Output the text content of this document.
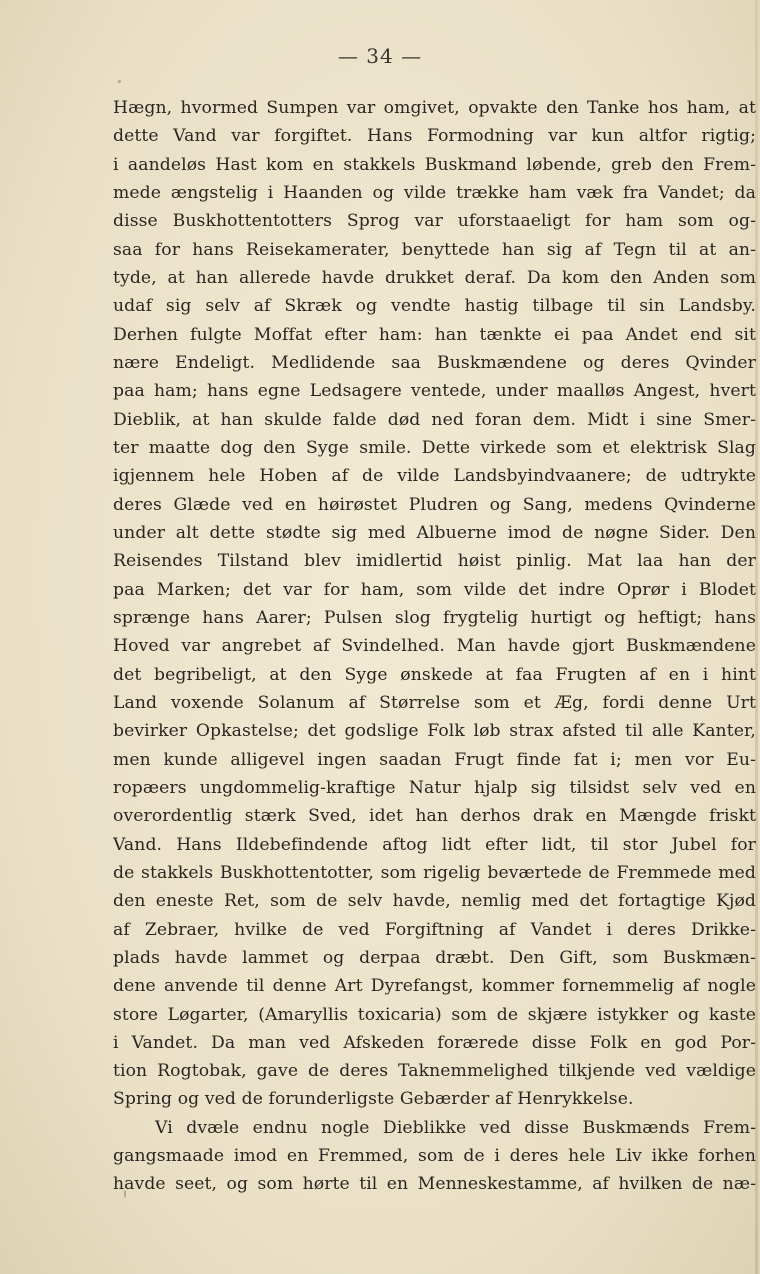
— 34 —
Hægn, hvormed Sumpen var omgivet, opvakte den Tanke hos ham, at
dette Vand var forgiftet. Hans Formodning var kun altfor rigtig;
i aandeløs Hast kom en stakkels Buskmand løbende, greb den Frem-
mede ængstelig i Haanden og vilde trække ham væk fra Vandet; da
disse Buskhottentotters Sprog var uforstaaeligt for ham som og-
saa for hans Reisekamerater, benyttede han sig af Tegn til at an-
tyde, at han allerede havde drukket deraf. Da kom den Anden som
udaf sig selv af Skræk og vendte hastig tilbage til sin Landsby.
Derhen fulgte Moffat efter ham: han tænkte ei paa Andet end sit
nære Endeligt. Medlidende saa Buskmændene og deres Qvinder
paa ham; hans egne Ledsagere ventede, under maalløs Angest, hvert
Dieblik, at han skulde falde død ned foran dem. Midt i sine Smer-
ter maatte dog den Syge smile. Dette virkede som et elektrisk Slag
igjennem hele Hoben af de vilde Landsbyindvaanere; de udtrykte
deres Glæde ved en høirøstet Pludren og Sang, medens Qvinderne
under alt dette stødte sig med Albuerne imod de nøgne Sider. Den
Reisendes Tilstand blev imidlertid høist pinlig. Mat laa han der
paa Marken; det var for ham, som vilde det indre Oprør i Blodet
sprænge hans Aarer; Pulsen slog frygtelig hurtigt og heftigt; hans
Hoved var angrebet af Svindelhed. Man havde gjort Buskmændene
det begribeligt, at den Syge ønskede at faa Frugten af en i hint
Land voxende Solanum af Størrelse som et Æg, fordi denne Urt
bevirker Opkastelse; det godslige Folk løb strax afsted til alle Kanter,
men kunde alligevel ingen saadan Frugt finde fat i; men vor Eu-
ropæers ungdommelig-kraftige Natur hjalp sig tilsidst selv ved en
overordentlig stærk Sved, idet han derhos drak en Mængde friskt
Vand. Hans Ildebefindende aftog lidt efter lidt, til stor Jubel for
de stakkels Buskhottentotter, som rigelig beværtede de Fremmede med
den eneste Ret, som de selv havde, nemlig med det fortagtige Kjød
af Zebraer, hvilke de ved Forgiftning af Vandet i deres Drikke-
plads havde lammet og derpaa dræbt. Den Gift, som Buskmæn-
dene anvende til denne Art Dyrefangst, kommer fornemmelig af nogle
store Løgarter, (Amaryllis toxicaria) som de skjære istykker og kaste
i Vandet. Da man ved Afskeden forærede disse Folk en god Por-
tion Rogtobak, gave de deres Taknemmelighed tilkjende ved vældige
Spring og ved de forunderligste Gebærder af Henrykkelse.
Vi dvæle endnu nogle Dieblikke ved disse Buskmænds Frem-
gangsmaade imod en Fremmed, som de i deres hele Liv ikke forhen
havde seet, og som hørte til en Menneskestamme, af hvilken de næ-
